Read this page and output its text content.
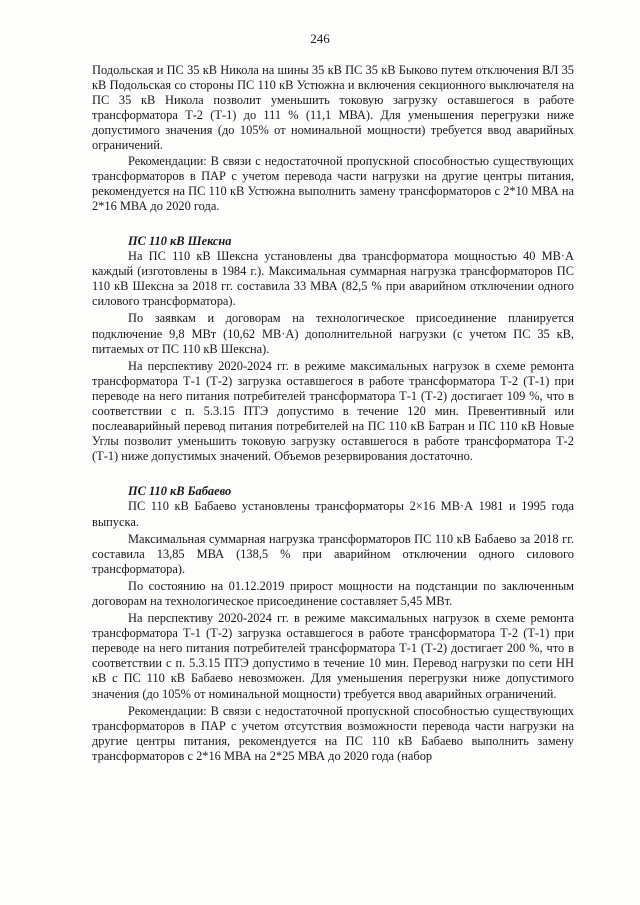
246

Подольская и ПС 35 кВ Никола на шины 35 кВ ПС 35 кВ Быково путем отключения ВЛ 35 кВ Подольская со стороны ПС 110 кВ Устюжна и включения секционного выключателя на ПС 35 кВ Никола позволит уменьшить токовую загрузку оставшегося в работе трансформатора Т-2 (Т-1) до 111 % (11,1 МВА). Для уменьшения перегрузки ниже допустимого значения (до 105% от номинальной мощности) требуется ввод аварийных ограничений.

Рекомендации: В связи с недостаточной пропускной способностью существующих трансформаторов в ПАР с учетом перевода части нагрузки на другие центры питания, рекомендуется на ПС 110 кВ Устюжна выполнить замену трансформаторов с 2*10 МВА на 2*16 МВА до 2020 года.

ПС 110 кВ Шексна

На ПС 110 кВ Шексна установлены два трансформатора мощностью 40 МВ·А каждый (изготовлены в 1984 г.). Максимальная суммарная нагрузка трансформаторов ПС 110 кВ Шексна за 2018 гг. составила 33 МВА (82,5 % при аварийном отключении одного силового трансформатора).

По заявкам и договорам на технологическое присоединение планируется подключение 9,8 МВт (10,62 МВ·А) дополнительной нагрузки (с учетом ПС 35 кВ, питаемых от ПС 110 кВ Шексна).

На перспективу 2020-2024 гг. в режиме максимальных нагрузок в схеме ремонта трансформатора Т-1 (Т-2) загрузка оставшегося в работе трансформатора Т-2 (Т-1) при переводе на него питания потребителей трансформатора Т-1 (Т-2) достигает 109 %, что в соответствии с п. 5.3.15 ПТЭ допустимо в течение 120 мин. Превентивный или послеаварийный перевод питания потребителей на ПС 110 кВ Батран и ПС 110 кВ Новые Углы позволит уменьшить токовую загрузку оставшегося в работе трансформатора Т-2 (Т-1) ниже допустимых значений. Объемов резервирования достаточно.

ПС 110 кВ Бабаево

ПС 110 кВ Бабаево установлены трансформаторы 2×16 МВ·А 1981 и 1995 года выпуска.

Максимальная суммарная нагрузка трансформаторов ПС 110 кВ Бабаево за 2018 гг. составила 13,85 МВА (138,5 % при аварийном отключении одного силового трансформатора).

По состоянию на 01.12.2019 прирост мощности на подстанции по заключенным договорам на технологическое присоединение составляет 5,45 МВт.

На перспективу 2020-2024 гг. в режиме максимальных нагрузок в схеме ремонта трансформатора Т-1 (Т-2) загрузка оставшегося в работе трансформатора Т-2 (Т-1) при переводе на него питания потребителей трансформатора Т-1 (Т-2) достигает 200 %, что в соответствии с п. 5.3.15 ПТЭ допустимо в течение 10 мин. Перевод нагрузки по сети НН кВ с ПС 110 кВ Бабаево невозможен. Для уменьшения перегрузки ниже допустимого значения (до 105% от номинальной мощности) требуется ввод аварийных ограничений.

Рекомендации: В связи с недостаточной пропускной способностью существующих трансформаторов в ПАР с учетом отсутствия возможности перевода части нагрузки на другие центры питания, рекомендуется на ПС 110 кВ Бабаево выполнить замену трансформаторов с 2*16 МВА на 2*25 МВА до 2020 года (набор
